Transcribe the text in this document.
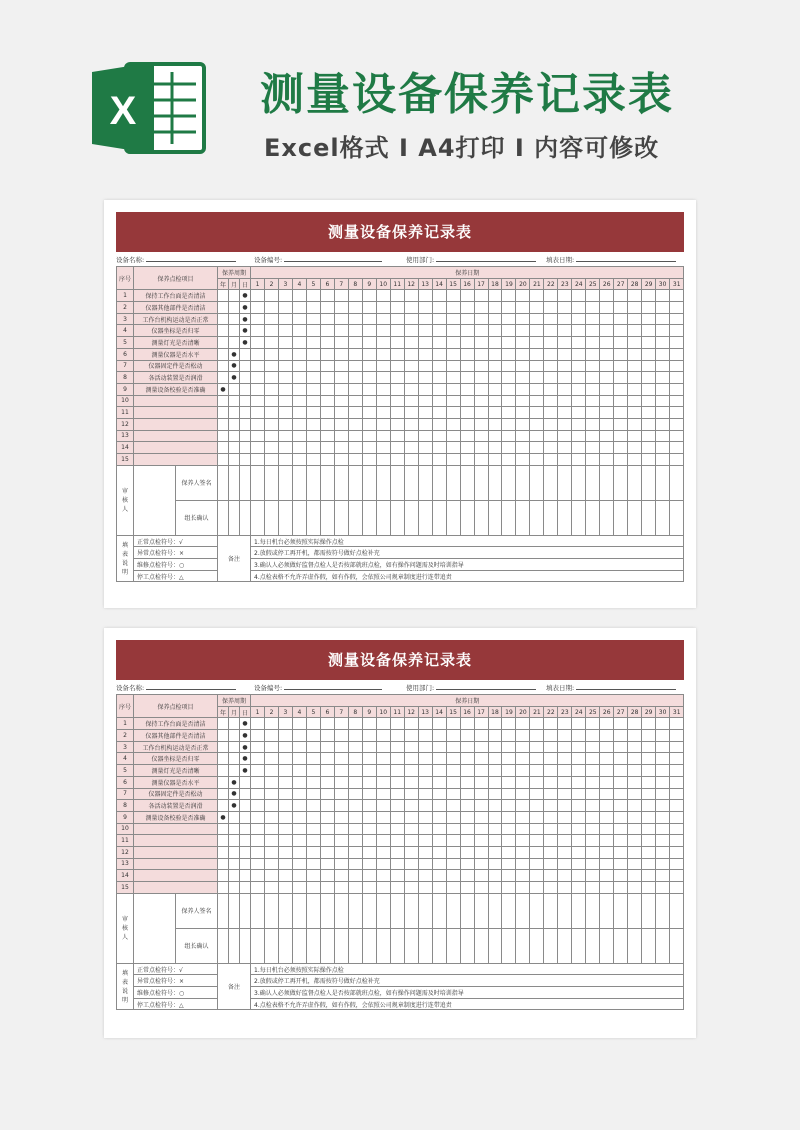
X	测量设备保养记录表
Excel格式 I A4打印 I 内容可修改
测量设备保养记录表
设备名称:	设备编号:	使用部门:	填表日期:
序号	保养点检项目		保养周期			保养日期																														
			年	月	日	1	2	3	4	5	6	7	8	9	10	11	12	13	14	15	16	17	18	19	20	21	22	23	24	25	26	27	28	29	30	31
1	保持工作台面是否清洁				●																															
2	仪器其他部件是否清洁				●																															
3	工作台机构运动是否正常				●																															
4	仪器坐标是否归零				●																															
5	测量灯光是否清晰				●																															
6	测量仪器是否水平			●																																
7	仪器固定件是否松动			●																																
8	各活动装置是否润滑			●																																
9	测量设备校验是否准确		●																																	
10																																				
11																																				
12																																				
13																																				
14																																				
15																																				
审核人		保养人签名																																		
		组长确认																																		
填表说明	正常点检符号：√		备注			1.每日机台必须按照实际操作点检																														
	异常点检符号：×					2.放假或停工再开机，都需按符号做好点检补充																														
	维修点检符号：○					3.确认人必须做好监督点检人是否按部就班点检，如有操作问题需及时培训指导																														
	停工点检符号：△					4.点检表格不允许弄虚作假，如有作假，会依照公司规章制度进行连带追责																														
测量设备保养记录表
设备名称:	设备编号:	使用部门:	填表日期:
序号	保养点检项目		保养周期			保养日期																														
			年	月	日	1	2	3	4	5	6	7	8	9	10	11	12	13	14	15	16	17	18	19	20	21	22	23	24	25	26	27	28	29	30	31
1	保持工作台面是否清洁				●																															
2	仪器其他部件是否清洁				●																															
3	工作台机构运动是否正常				●																															
4	仪器坐标是否归零				●																															
5	测量灯光是否清晰				●																															
6	测量仪器是否水平			●																																
7	仪器固定件是否松动			●																																
8	各活动装置是否润滑			●																																
9	测量设备校验是否准确		●																																	
10																																				
11																																				
12																																				
13																																				
14																																				
15																																				
审核人		保养人签名																																		
		组长确认																																		
填表说明	正常点检符号：√		备注			1.每日机台必须按照实际操作点检																														
	异常点检符号：×					2.放假或停工再开机，都需按符号做好点检补充																														
	维修点检符号：○					3.确认人必须做好监督点检人是否按部就班点检，如有操作问题需及时培训指导																														
	停工点检符号：△					4.点检表格不允许弄虚作假，如有作假，会依照公司规章制度进行连带追责																														
